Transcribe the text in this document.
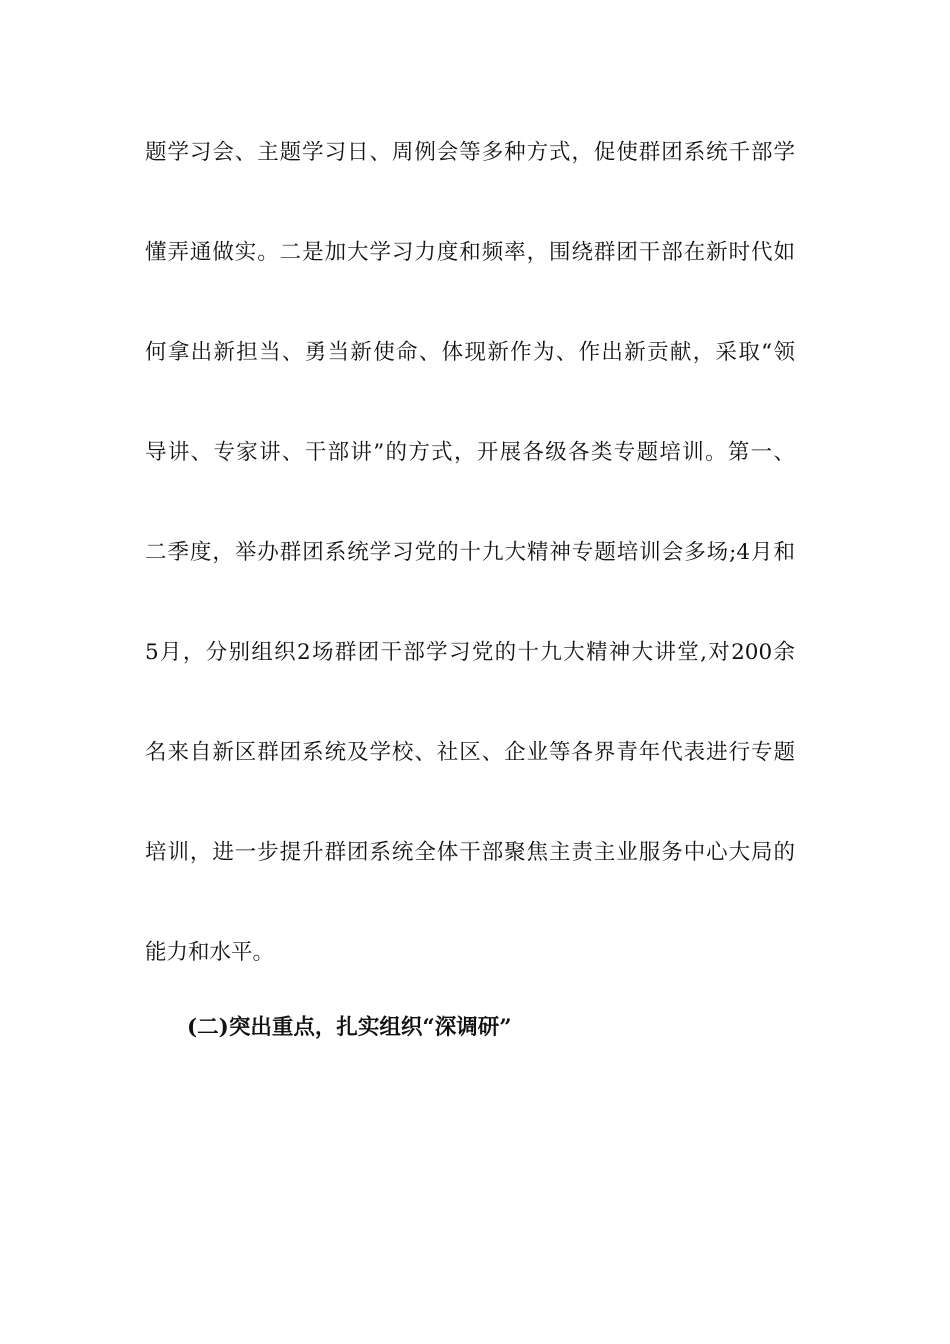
题学习会、主题学习日、周例会等多种方式，促使群团系统千部学
懂弄通做实。二是加大学习力度和频率，围绕群团干部在新时代如
何拿出新担当、勇当新使命、体现新作为、作出新贡献，采取“领
导讲、专家讲、干部讲”的方式，开展各级各类专题培训。第一、
二季度，举办群团系统学习党的十九大精神专题培训会多场;4月和
5月，分别组织2场群团干部学习党的十九大精神大讲堂,对200余
名来自新区群团系统及学校、社区、企业等各界青年代表进行专题
培训，进一步提升群团系统全体干部聚焦主责主业服务中心大局的
能力和水平。
(二)突出重点，扎实组织“深调研”
